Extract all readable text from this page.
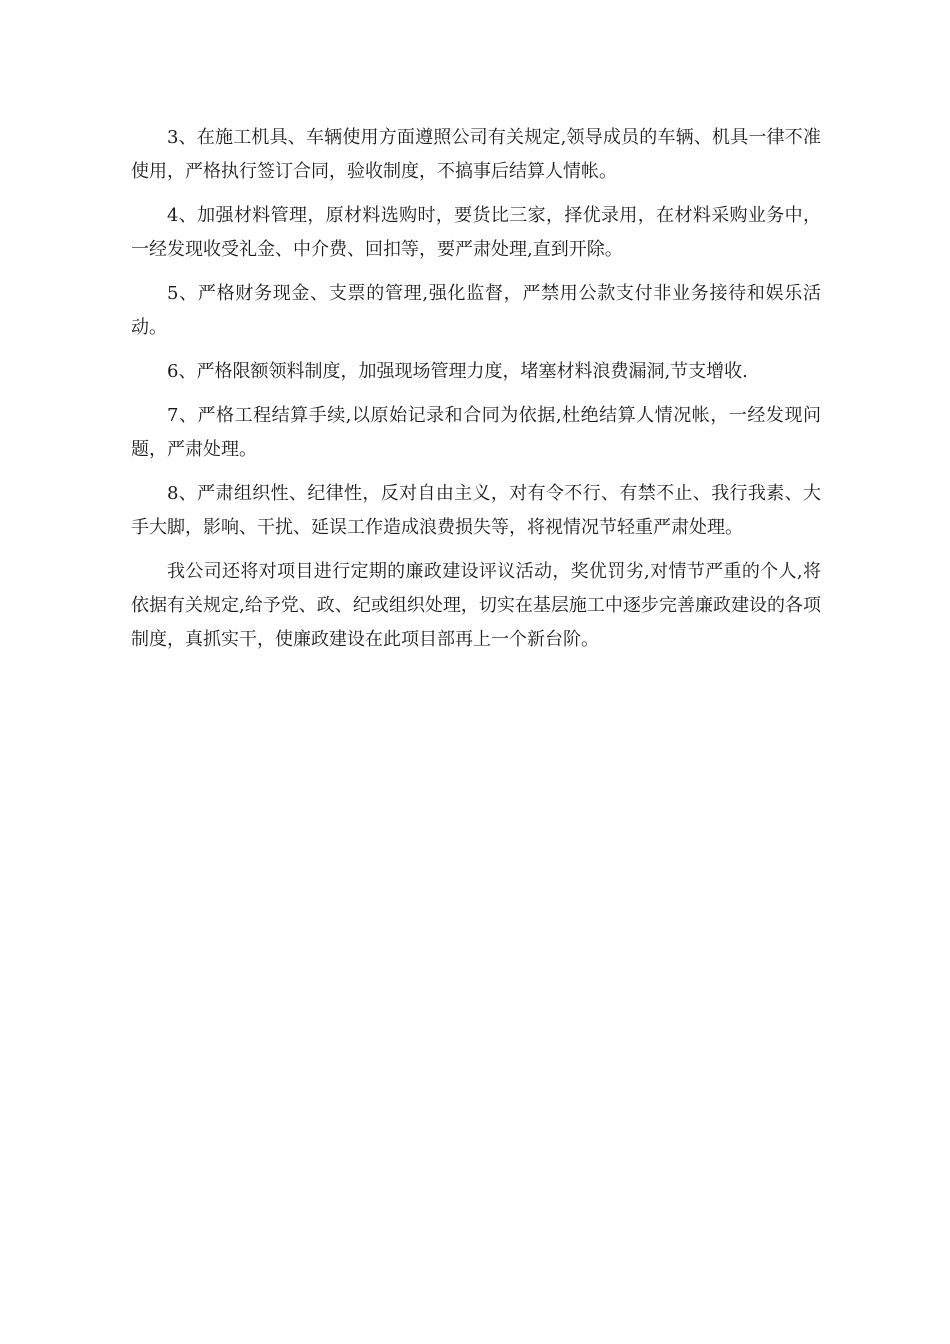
3、在施工机具、车辆使用方面遵照公司有关规定,领导成员的车辆、机具一律不准使用，严格执行签订合同，验收制度，不搞事后结算人情帐。

4、加强材料管理，原材料选购时，要货比三家，择优录用，在材料采购业务中，一经发现收受礼金、中介费、回扣等，要严肃处理,直到开除。

5、严格财务现金、支票的管理,强化监督，严禁用公款支付非业务接待和娱乐活动。

6、严格限额领料制度，加强现场管理力度，堵塞材料浪费漏洞,节支增收.

7、严格工程结算手续,以原始记录和合同为依据,杜绝结算人情况帐，一经发现问题，严肃处理。

8、严肃组织性、纪律性，反对自由主义，对有令不行、有禁不止、我行我素、大手大脚，影响、干扰、延误工作造成浪费损失等，将视情况节轻重严肃处理。

我公司还将对项目进行定期的廉政建设评议活动，奖优罚劣,对情节严重的个人,将依据有关规定,给予党、政、纪或组织处理，切实在基层施工中逐步完善廉政建设的各项制度，真抓实干，使廉政建设在此项目部再上一个新台阶。
